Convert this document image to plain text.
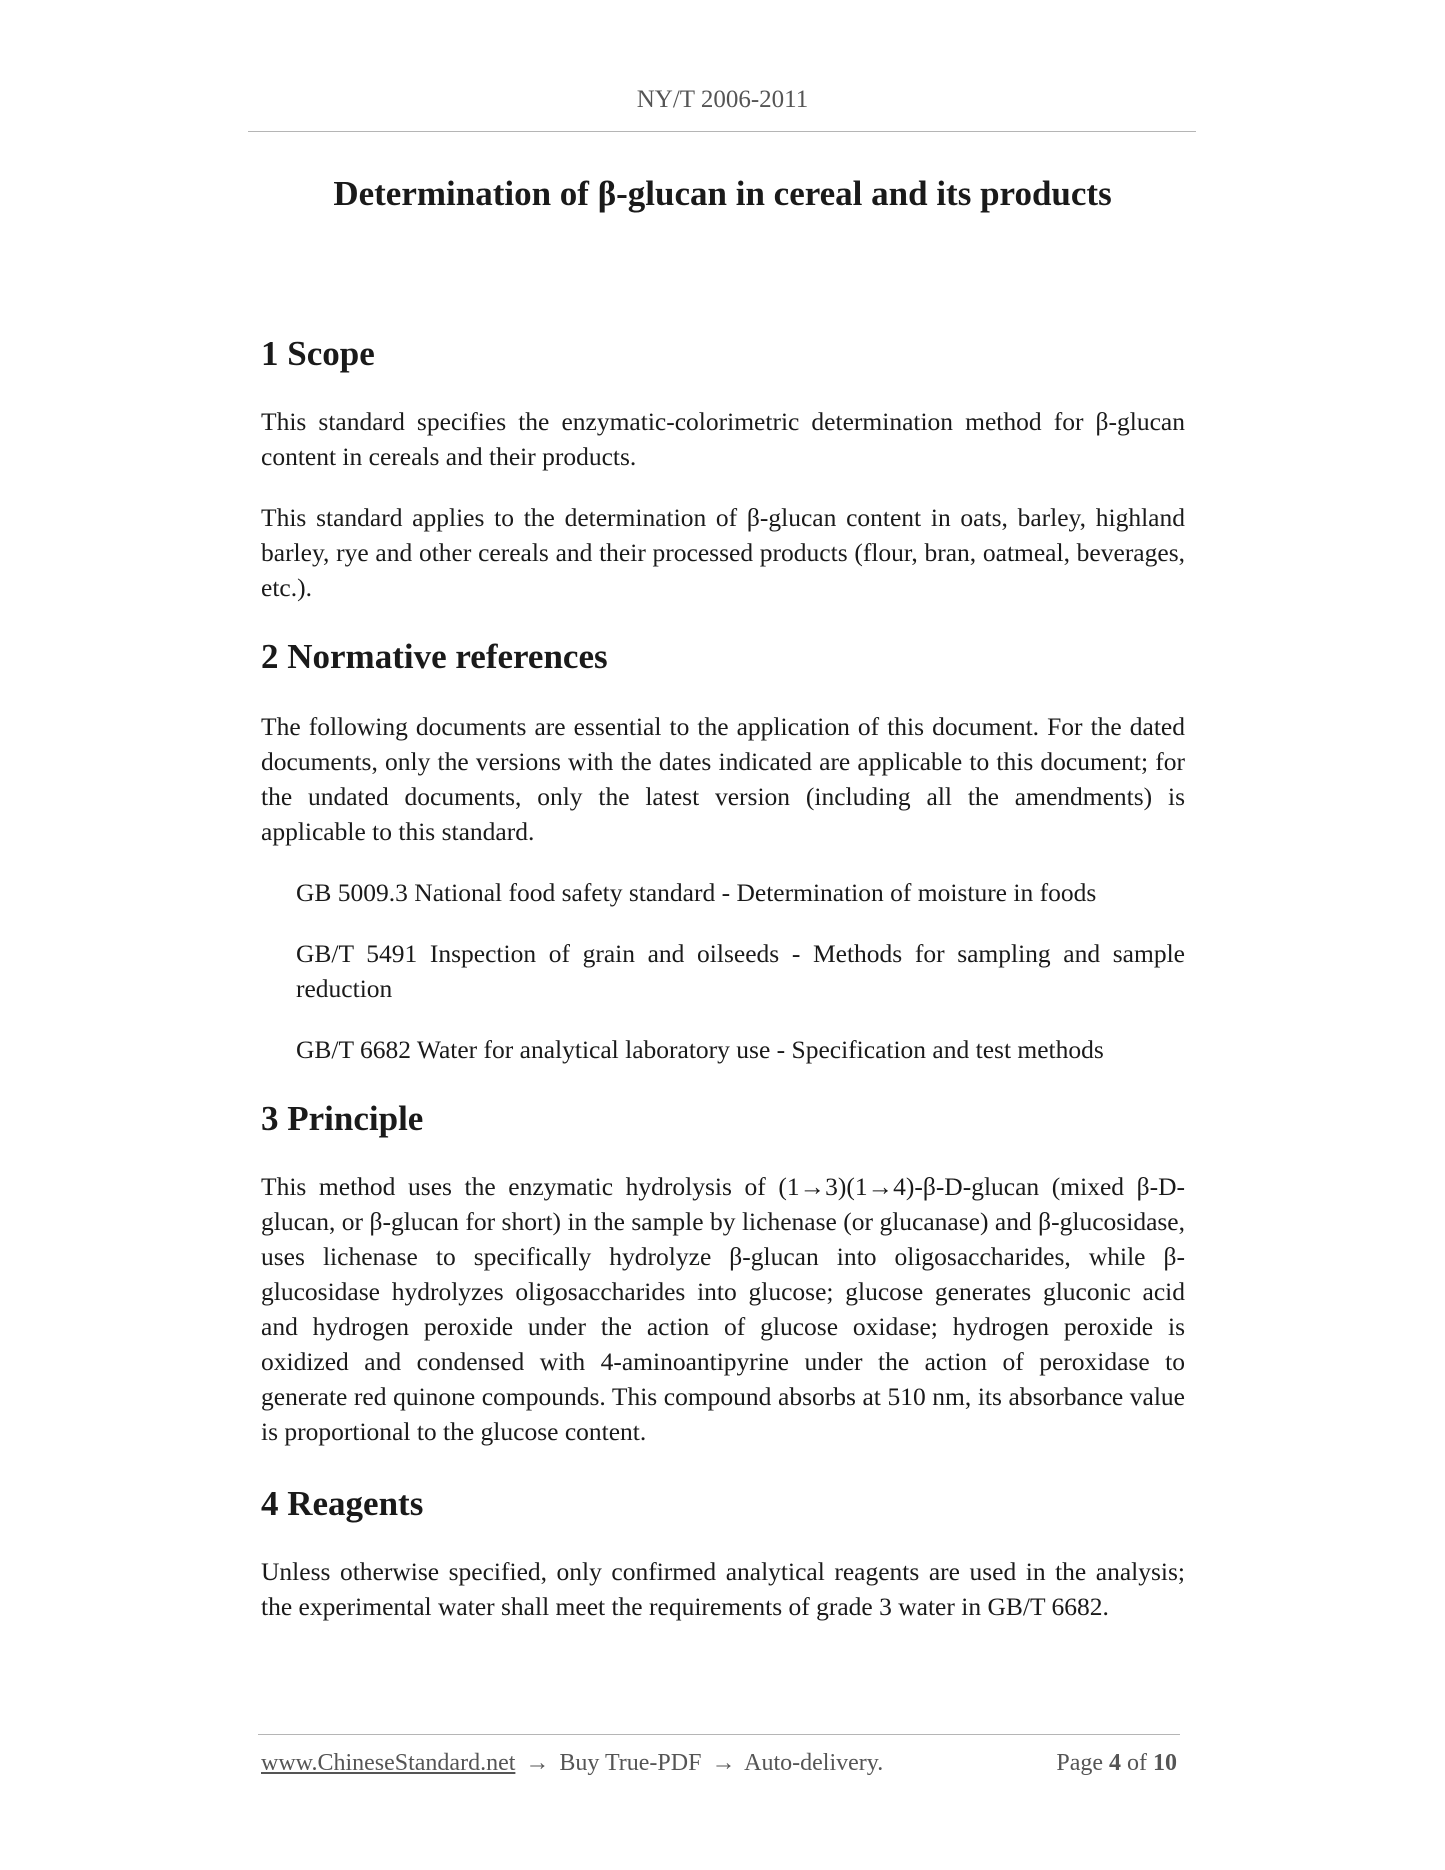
NY/T 2006-2011
Determination of β-glucan in cereal and its products
1 Scope

This standard specifies the enzymatic-colorimetric determination method for β-glucan content in cereals and their products.

This standard applies to the determination of β-glucan content in oats, barley, highland barley, rye and other cereals and their processed products (flour, bran, oatmeal, beverages, etc.).

2 Normative references

The following documents are essential to the application of this document. For the dated documents, only the versions with the dates indicated are applicable to this document; for the undated documents, only the latest version (including all the amendments) is applicable to this standard.

GB 5009.3 National food safety standard - Determination of moisture in foods

GB/T 5491 Inspection of grain and oilseeds - Methods for sampling and sample reduction

GB/T 6682 Water for analytical laboratory use - Specification and test methods

3 Principle

This method uses the enzymatic hydrolysis of (1→3)(1→4)-β-D-glucan (mixed β-D-glucan, or β-glucan for short) in the sample by lichenase (or glucanase) and β-glucosidase, uses lichenase to specifically hydrolyze β-glucan into oligosaccharides, while β-glucosidase hydrolyzes oligosaccharides into glucose; glucose generates gluconic acid and hydrogen peroxide under the action of glucose oxidase; hydrogen peroxide is oxidized and condensed with 4-aminoantipyrine under the action of peroxidase to generate red quinone compounds. This compound absorbs at 510 nm, its absorbance value is proportional to the glucose content.

4 Reagents

Unless otherwise specified, only confirmed analytical reagents are used in the analysis; the experimental water shall meet the requirements of grade 3 water in GB/T 6682.

www.ChineseStandard.net → Buy True-PDF → Auto-delivery.	Page 4 of 10
